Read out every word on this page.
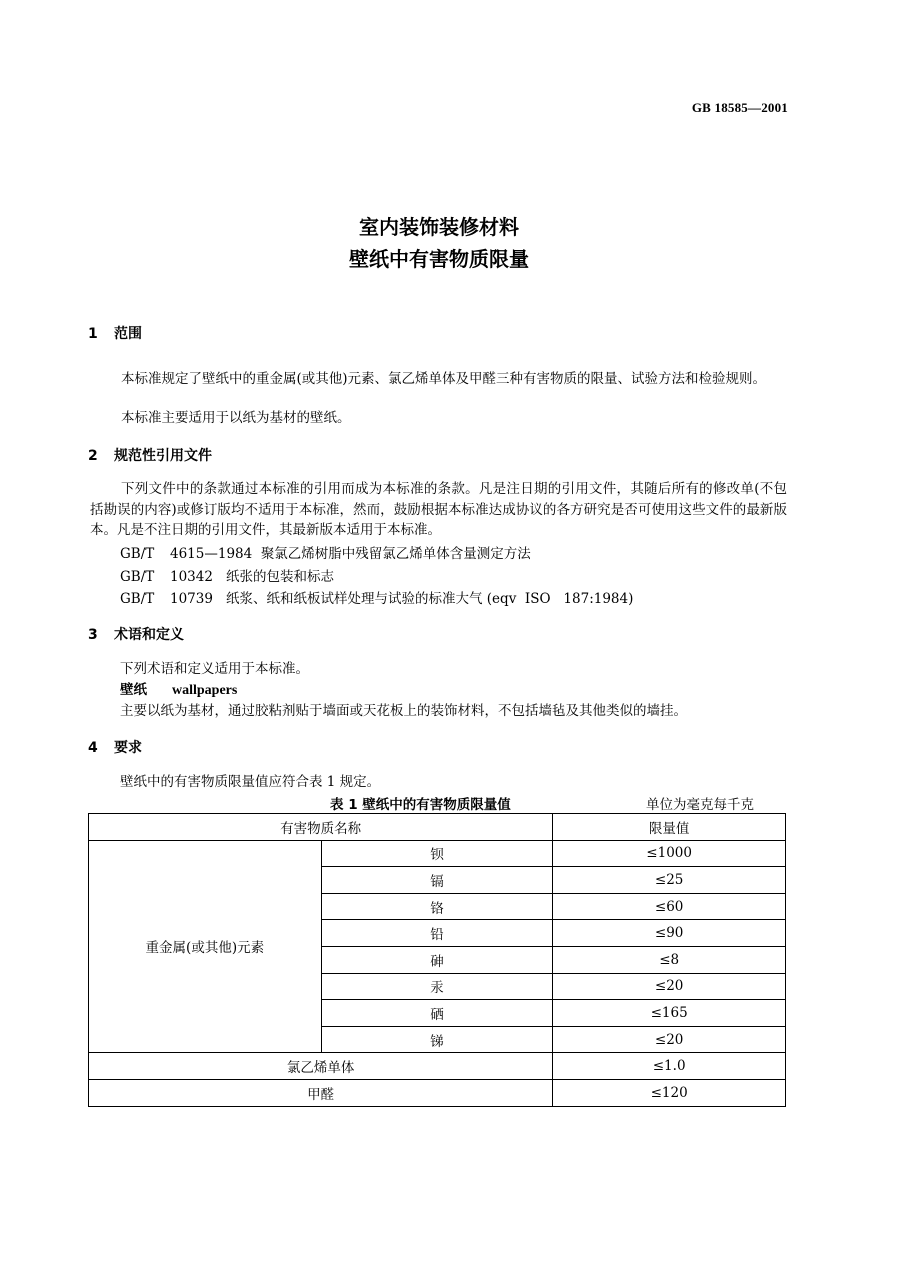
GB 18585—2001
室内装饰装修材料
壁纸中有害物质限量
1 范围
本标准规定了壁纸中的重金属(或其他)元素、氯乙烯单体及甲醛三种有害物质的限量、试验方法和检验规则。
本标准主要适用于以纸为基材的壁纸。
2 规范性引用文件
下列文件中的条款通过本标准的引用而成为本标准的条款。凡是注日期的引用文件，其随后所有的修改单(不包括勘误的内容)或修订版均不适用于本标准，然而，鼓励根据本标准达成协议的各方研究是否可使用这些文件的最新版本。凡是不注日期的引用文件，其最新版本适用于本标准。
GB/T 4615—1984 聚氯乙烯树脂中残留氯乙烯单体含量测定方法
GB/T 10342 纸张的包装和标志
GB/T 10739 纸浆、纸和纸板试样处理与试验的标准大气 (eqv  ISO   187:1984)
3 术语和定义
下列术语和定义适用于本标准。
壁纸 wallpapers
主要以纸为基材，通过胶粘剂贴于墙面或天花板上的装饰材料，不包括墙毡及其他类似的墙挂。
4 要求
壁纸中的有害物质限量值应符合表 1 规定。
表 1 壁纸中的有害物质限量值	单位为毫克每千克
有害物质名称		限量值
重金属(或其他)元素	钡	≤1000
	镉	≤25
	铬	≤60
	铅	≤90
	砷	≤8
	汞	≤20
	硒	≤165
	锑	≤20
氯乙烯单体		≤1.0
甲醛		≤120
